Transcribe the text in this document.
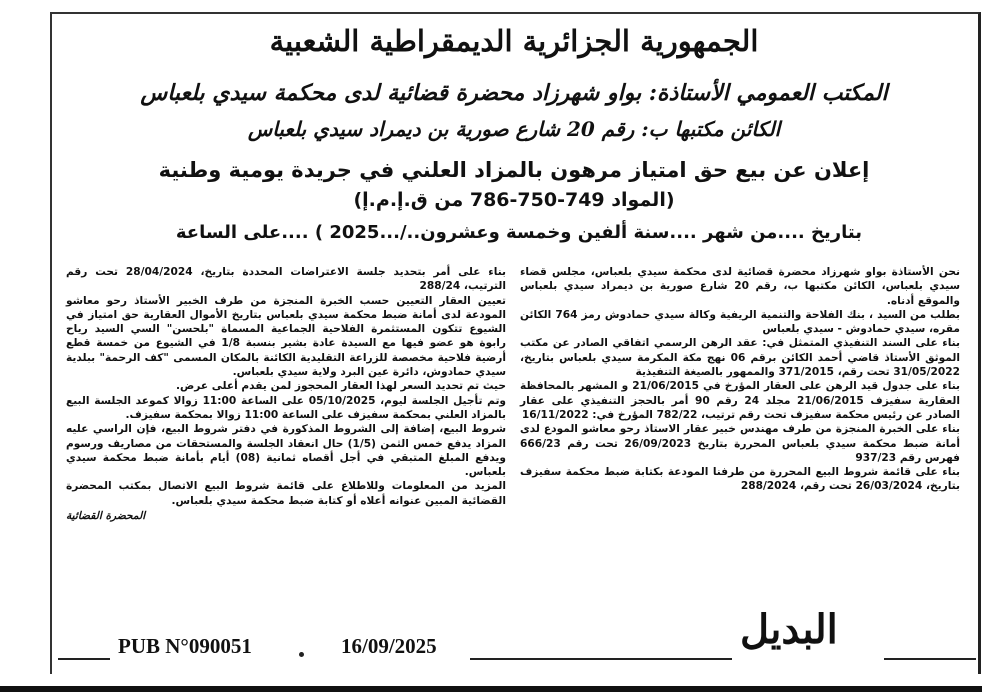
الجمهورية الجزائرية الديمقراطية الشعبية
المكتب العمومي الأستاذة: بواو شهرزاد محضرة قضائية لدى محكمة سيدي بلعباس
الكائن مكتبها ب: رقم 20 شارع صورية بن ديمراد سيدي بلعباس
إعلان عن بيع حق امتياز مرهون بالمزاد العلني في جريدة يومية وطنية
(المواد 749-750-786 من ق.إ.م.إ)
بتاريخ ....من شهر ....سنة ألفين وخمسة وعشرون../...2025 ) ....على الساعة

نحن الأستاذة بواو شهرزاد محضرة قضائية لدى محكمة سيدي بلعباس، مجلس قضاء سيدي بلعباس، الكائن مكتبها ب، رقم 20 شارع صورية بن ديمراد سيدي بلعباس والموقع أدناه.

بطلب من السيد ، بنك الفلاحة والتنمية الريفية وكالة سيدي حمادوش رمز 764 الكائن مقره، سيدي حمادوش - سيدي بلعباس

بناء على السند التنفيذي المتمثل في: عقد الرهن الرسمي اتفاقي الصادر عن مكتب الموثق الأستاذ قاضي أحمد الكائن برقم 06 نهج مكة المكرمة سيدي بلعباس بتاريخ، 31/05/2022 تحت رقم، 371/2015 والممهور بالصيغة التنفيذية

بناء على جدول قيد الرهن على العقار المؤرخ في 21/06/2015 و المشهر بالمحافظة العقارية سفيزف 21/06/2015 مجلد 24 رقم 90 أمر بالحجز التنفيذي على عقار الصادر عن رئيس محكمة سفيزف تحت رقم ترتيب، 782/22 المؤرخ في: 16/11/2022

بناء على الخبرة المنجزة من طرف مهندس خبير عقار الاستاذ رحو معاشو المودع لدى أمانة ضبط محكمة سيدي بلعباس المحررة بتاريخ 26/09/2023 تحت رقم 666/23 فهرس رقم 937/23

بناء على قائمة شروط البيع المحررة من طرفنا المودعة بكتابة ضبط محكمة سفيزف بتاريخ، 26/03/2024 تحت رقم، 288/2024

بناء على أمر بتحديد جلسة الاعتراضات المحددة بتاريخ، 28/04/2024 تحت رقم الترتيب، 288/24

تعيين العقار التعيين حسب الخبرة المنجزة من طرف الخبير الأستاذ رحو معاشو المودعة لدى أمانة ضبط محكمة سيدي بلعباس بتاريخ الأموال العقارية حق امتياز في الشيوع تتكون المستثمرة الفلاحية الجماعية المسماة "بلحسن" السي السيد رياح رابوة هو عضو فيها مع السيدة عادة بشير بنسبة 1/8 في الشيوع من خمسة قطع أرضية فلاحية مخصصة للزراعة التقليدية الكائنة بالمكان المسمى "كف الرحمة" ببلدية سيدي حمادوش، دائرة عين البرد ولاية سيدي بلعباس.

حيث تم تحديد السعر لهذا العقار المحجوز لمن يقدم أعلى عرض.

وتم تأجيل الجلسة ليوم، 05/10/2025 على الساعة 11:00 زوالا كموعد الجلسة البيع بالمزاد العلني بمحكمة سفيزف على الساعة 11:00 زوالا بمحكمة سفيزف.

شروط البيع، إضافة إلى الشروط المذكورة في دفتر شروط البيع، فإن الراسي عليه المزاد يدفع خمس الثمن (1/5) حال انعقاد الجلسة والمستحقات من مصاريف ورسوم ويدفع المبلغ المتبقي في أجل أقصاه ثمانية (08) أيام بأمانة ضبط محكمة سيدي بلعباس.

المزيد من المعلومات وللاطلاع على قائمة شروط البيع الاتصال بمكتب المحضرة القضائية المبين عنوانه أعلاه أو كتابة ضبط محكمة سيدي بلعباس.

المحضرة القضائية
PUB N°090051	16/09/2025	البديل
